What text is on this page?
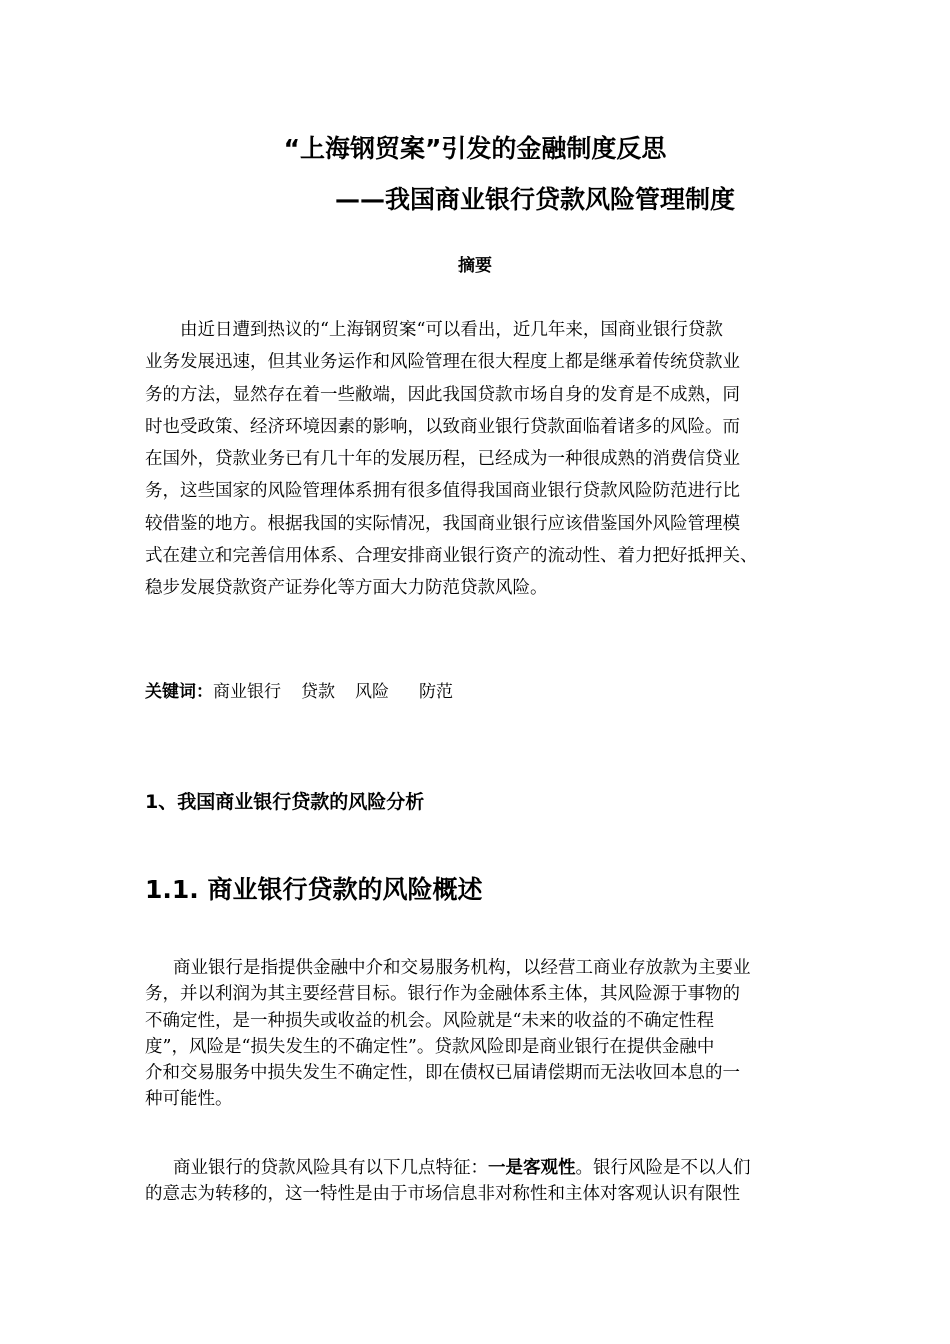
“上海钢贸案”引发的金融制度反思
——我国商业银行贷款风险管理制度
摘要
由近日遭到热议的“上海钢贸案“可以看出，近几年来，国商业银行贷款
业务发展迅速，但其业务运作和风险管理在很大程度上都是继承着传统贷款业
务的方法，显然存在着一些敝端，因此我国贷款市场自身的发育是不成熟，同
时也受政策、经济环境因素的影响，以致商业银行贷款面临着诸多的风险。而
在国外，贷款业务已有几十年的发展历程，已经成为一种很成熟的消费信贷业
务，这些国家的风险管理体系拥有很多值得我国商业银行贷款风险防范进行比
较借鉴的地方。根据我国的实际情况，我国商业银行应该借鉴国外风险管理模
式在建立和完善信用体系、合理安排商业银行资产的流动性、着力把好抵押关、
稳步发展贷款资产证券化等方面大力防范贷款风险。
关键词：商业银行 贷款 风险 防范
1、我国商业银行贷款的风险分析
1.1. 商业银行贷款的风险概述
商业银行是指提供金融中介和交易服务机构，以经营工商业存放款为主要业
务，并以利润为其主要经营目标。银行作为金融体系主体，其风险源于事物的
不确定性，是一种损失或收益的机会。风险就是“未来的收益的不确定性程
度”，风险是“损失发生的不确定性”。贷款风险即是商业银行在提供金融中
介和交易服务中损失发生不确定性，即在债权已届请偿期而无法收回本息的一
种可能性。
商业银行的贷款风险具有以下几点特征：一是客观性。银行风险是不以人们
的意志为转移的，这一特性是由于市场信息非对称性和主体对客观认识有限性
